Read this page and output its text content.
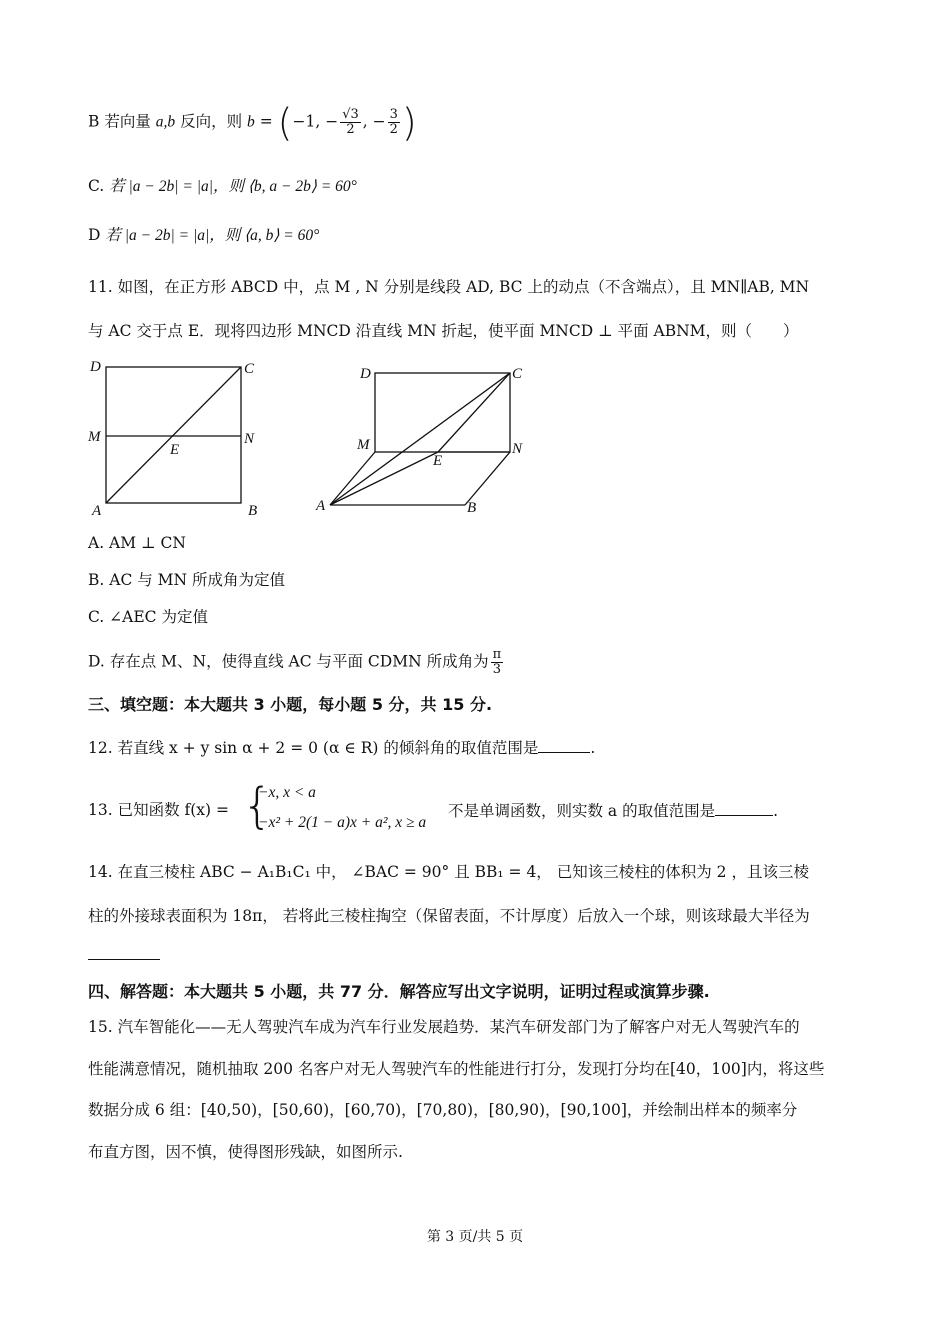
B 若向量 a,b 反向，则 b = (−1, − $\frac{√3}{2}$ , − $\frac{3}{2}$ )
C. 若 |a − 2b| = |a|，则 ⟨b, a − 2b⟩ = 60°
D 若 |a − 2b| = |a|，则 ⟨a, b⟩ = 60°
11. 如图，在正方形 ABCD 中，点 M , N 分别是线段 AD, BC 上的动点（不含端点），且 MN∥AB, MN
与 AC 交于点 E．现将四边形 MNCD 沿直线 MN 折起，使平面 MNCD ⊥ 平面 ABNM，则（　　）
D	C
M
E
N
A	B
D	C
M
E
N
A	B
A. AM ⊥ CN
B. AC 与 MN 所成角为定值
C. ∠AEC 为定值
D. 存在点 M、N，使得直线 AC 与平面 CDMN 所成角为 $\frac{\pi}{3}$
三、填空题：本大题共 3 小题，每小题 5 分，共 15 分.
12. 若直线 x + y sin α + 2 = 0 (α ∈ R) 的倾斜角的取值范围是	.
13. 已知函数 f(x) = {
−x, x < a
−x² + 2(1 − a)x + a², x ≥ a
不是单调函数，则实数 a 的取值范围是	.
14. 在直三棱柱 ABC − A₁B₁C₁ 中， ∠BAC = 90° 且 BB₁ = 4， 已知该三棱柱的体积为 2 ，且该三棱
柱的外接球表面积为 18π， 若将此三棱柱掏空（保留表面，不计厚度）后放入一个球，则该球最大半径为
四、解答题：本大题共 5 小题，共 77 分．解答应写出文字说明，证明过程或演算步骤.
15. 汽车智能化——无人驾驶汽车成为汽车行业发展趋势．某汽车研发部门为了解客户对无人驾驶汽车的
性能满意情况，随机抽取 200 名客户对无人驾驶汽车的性能进行打分，发现打分均在[40，100]内，将这些
数据分成 6 组：[40,50)，[50,60)，[60,70)，[70,80)，[80,90)，[90,100]，并绘制出样本的频率分
布直方图，因不慎，使得图形残缺，如图所示.
第 3 页/共 5 页
